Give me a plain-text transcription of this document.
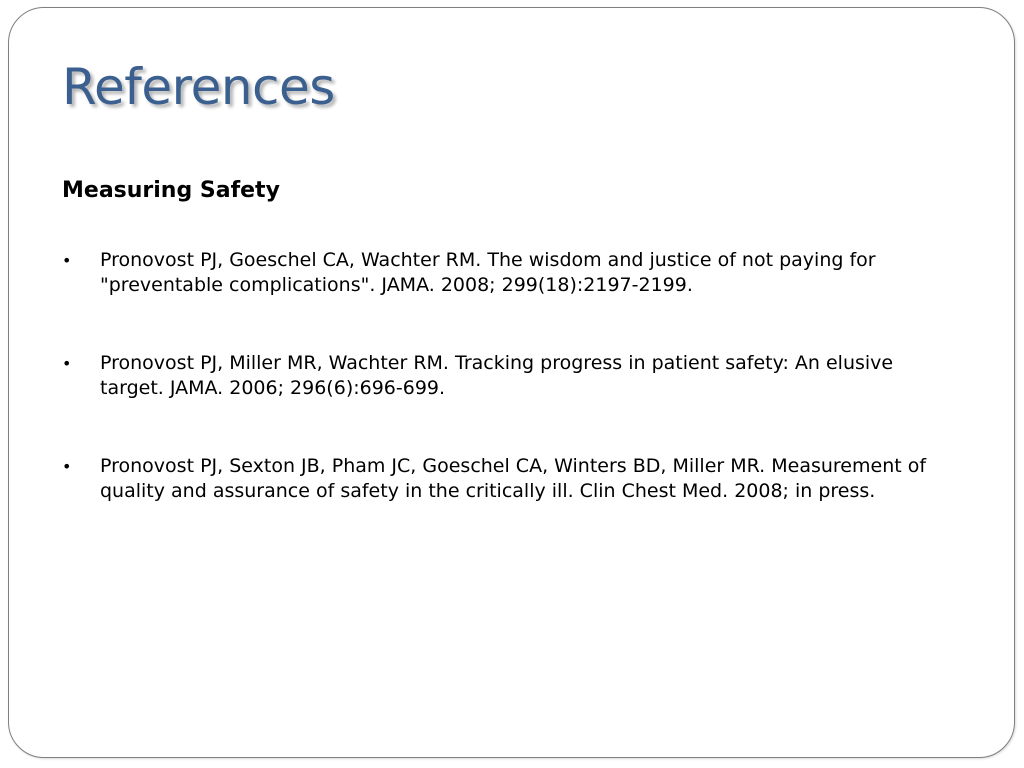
References
Measuring Safety
• Pronovost PJ, Goeschel CA, Wachter RM. The wisdom and justice of not paying for "preventable complications". JAMA. 2008; 299(18):2197-2199.
• Pronovost PJ, Miller MR, Wachter RM. Tracking progress in patient safety: An elusive target. JAMA. 2006; 296(6):696-699.
• Pronovost PJ, Sexton JB, Pham JC, Goeschel CA, Winters BD, Miller MR. Measurement of quality and assurance of safety in the critically ill. Clin Chest Med. 2008; in press.
